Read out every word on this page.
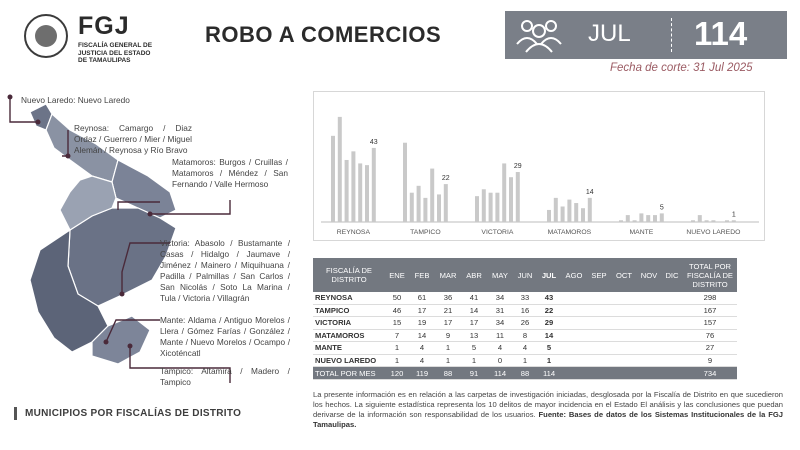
FGJ
FISCALÍA GENERAL DE
JUSTICIA DEL ESTADO
DE TAMAULIPAS
ROBO A COMERCIOS	JUL 114
Fecha de corte: 31 Jul 2025
Nuevo Laredo: Nuevo Laredo
Reynosa: Camargo / Diaz Ordaz / Guerrero / Mier / Miguel Alemán / Reynosa y Río Bravo
Matamoros: Burgos / Cruillas / Matamoros / Méndez / San Fernando / Valle Hermoso
Victoria: Abasolo / Bustamante / Casas / Hidalgo / Jaumave / Jiménez / Mainero / Miquihuana / Padilla / Palmillas / San Carlos / San Nicolás / Soto La Marina / Tula / Victoria / Villagrán
Mante: Aldama / Antiguo Morelos / Llera / Gómez Farías / González / Mante / Nuevo Morelos / Ocampo / Xicoténcatl
Tampico: Altamira / Madero / Tampico
MUNICIPIOS POR FISCALÍAS DE DISTRITO
43
REYNOSA
22
TAMPICO
29
VICTORIA
14
MATAMOROS
5
MANTE
1
NUEVO LAREDO
FISCALÍA DE DISTRITO	ENE	FEB	MAR	ABR	MAY	JUN	JUL	AGO	SEP	OCT	NOV	DIC	TOTAL POR FISCALÍA DE DISTRITO
REYNOSA	50	61	36	41	34	33	43						298
TAMPICO	46	17	21	14	31	16	22						167
VICTORIA	15	19	17	17	34	26	29						157
MATAMOROS	7	14	9	13	11	8	14						76
MANTE	1	4	1	5	4	4	5						27
NUEVO LAREDO	1	4	1	1	0	1	1						9
TOTAL POR MES	120	119	88	91	114	88	114						734
La presente información es en relación a las carpetas de investigación iniciadas, desglosada por la Fiscalía de Distrito en que sucedieron los hechos. La siguiente estadística representa los 10 delitos de mayor incidencia en el Estado El análisis y las conclusiones que puedan derivarse de la información son responsabilidad de los usuarios. Fuente: Bases de datos de los Sistemas Institucionales de la FGJ Tamaulipas.
